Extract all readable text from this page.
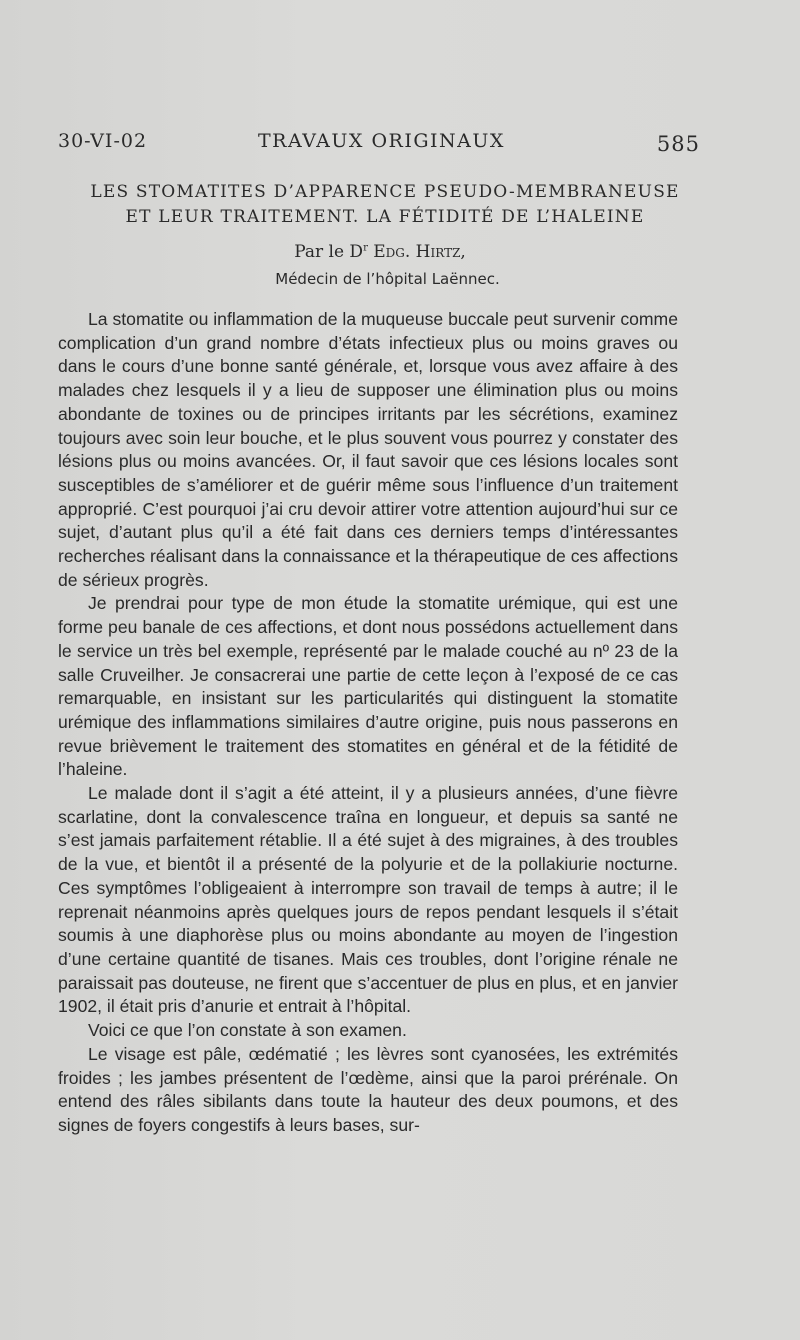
30-VI-02	TRAVAUX ORIGINAUX	585
LES STOMATITES D’APPARENCE PSEUDO-MEMBRANEUSE
ET LEUR TRAITEMENT. LA FÉTIDITÉ DE L’HALEINE
Par le $D^r$ Edg. Hirtz,
Médecin de l’hôpital Laënnec.

La stomatite ou inflammation de la muqueuse buccale peut survenir comme complication d’un grand nombre d’états infectieux plus ou moins graves ou dans le cours d’une bonne santé générale, et, lorsque vous avez affaire à des malades chez lesquels il y a lieu de supposer une élimination plus ou moins abondante de toxines ou de principes irritants par les sécrétions, examinez toujours avec soin leur bouche, et le plus souvent vous pourrez y constater des lésions plus ou moins avancées. Or, il faut savoir que ces lésions locales sont susceptibles de s’améliorer et de guérir même sous l’influence d’un traitement approprié. C’est pourquoi j’ai cru devoir attirer votre attention aujourd’hui sur ce sujet, d’autant plus qu’il a été fait dans ces derniers temps d’intéressantes recherches réalisant dans la connaissance et la thérapeutique de ces affections de sérieux progrès.

Je prendrai pour type de mon étude la stomatite urémique, qui est une forme peu banale de ces affections, et dont nous possédons actuellement dans le service un très bel exemple, représenté par le malade couché au nº 23 de la salle Cruveilher. Je consacrerai une partie de cette leçon à l’exposé de ce cas remarquable, en insistant sur les particularités qui distinguent la stomatite urémique des inflammations similaires d’autre origine, puis nous passerons en revue brièvement le traitement des stomatites en général et de la fétidité de l’haleine.

Le malade dont il s’agit a été atteint, il y a plusieurs années, d’une fièvre scarlatine, dont la convalescence traîna en longueur, et depuis sa santé ne s’est jamais parfaitement rétablie. Il a été sujet à des migraines, à des troubles de la vue, et bientôt il a présenté de la polyurie et de la pollakiurie nocturne. Ces symptômes l’obligeaient à interrompre son travail de temps à autre; il le reprenait néanmoins après quelques jours de repos pendant lesquels il s’était soumis à une diaphorèse plus ou moins abondante au moyen de l’ingestion d’une certaine quantité de tisanes. Mais ces troubles, dont l’origine rénale ne paraissait pas douteuse, ne firent que s’accentuer de plus en plus, et en janvier 1902, il était pris d’anurie et entrait à l’hôpital.

Voici ce que l’on constate à son examen.

Le visage est pâle, œdématié ; les lèvres sont cyanosées, les extrémités froides ; les jambes présentent de l’œdème, ainsi que la paroi prérénale. On entend des râles sibilants dans toute la hauteur des deux poumons, et des signes de foyers congestifs à leurs bases, sur-
